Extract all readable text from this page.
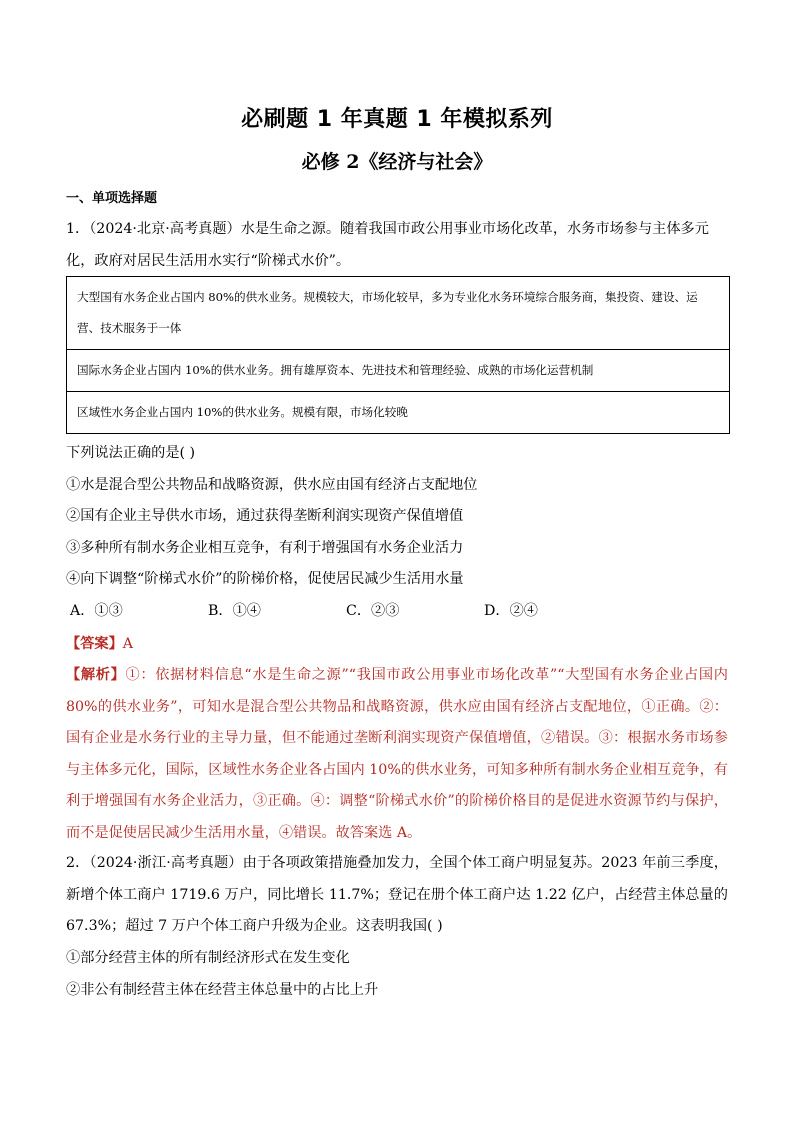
必刷题 1 年真题 1 年模拟系列
必修 2《经济与社会》
一、单项选择题
1．（2024·北京·高考真题）水是生命之源。随着我国市政公用事业市场化改革，水务市场参与主体多元化，政府对居民生活用水实行“阶梯式水价”。
大型国有水务企业占国内 80%的供水业务。规模较大，市场化较早，多为专业化水务环境综合服务商，集投资、建设、运营、技术服务于一体
国际水务企业占国内 10%的供水业务。拥有雄厚资本、先进技术和管理经验、成熟的市场化运营机制
区域性水务企业占国内 10%的供水业务。规模有限，市场化较晚
下列说法正确的是( )
①水是混合型公共物品和战略资源，供水应由国有经济占支配地位
②国有企业主导供水市场，通过获得垄断利润实现资产保值增值
③多种所有制水务企业相互竞争，有利于增强国有水务企业活力
④向下调整“阶梯式水价”的阶梯价格，促使居民减少生活用水量
A．①③	B．①④	C．②③	D．②④
【答案】A
【解析】①：依据材料信息“水是生命之源”“我国市政公用事业市场化改革”“大型国有水务企业占国内 80%的供水业务”，可知水是混合型公共物品和战略资源，供水应由国有经济占支配地位，①正确。②：国有企业是水务行业的主导力量，但不能通过垄断利润实现资产保值增值，②错误。③：根据水务市场参与主体多元化，国际，区域性水务企业各占国内 10%的供水业务，可知多种所有制水务企业相互竞争，有利于增强国有水务企业活力，③正确。④：调整“阶梯式水价”的阶梯价格目的是促进水资源节约与保护，而不是促使居民减少生活用水量，④错误。故答案选 A。
2．（2024·浙江·高考真题）由于各项政策措施叠加发力，全国个体工商户明显复苏。2023 年前三季度，新增个体工商户 1719.6 万户，同比增长 11.7%；登记在册个体工商户达 1.22 亿户，占经营主体总量的 67.3%；超过 7 万户个体工商户升级为企业。这表明我国( )
①部分经营主体的所有制经济形式在发生变化
②非公有制经营主体在经营主体总量中的占比上升
